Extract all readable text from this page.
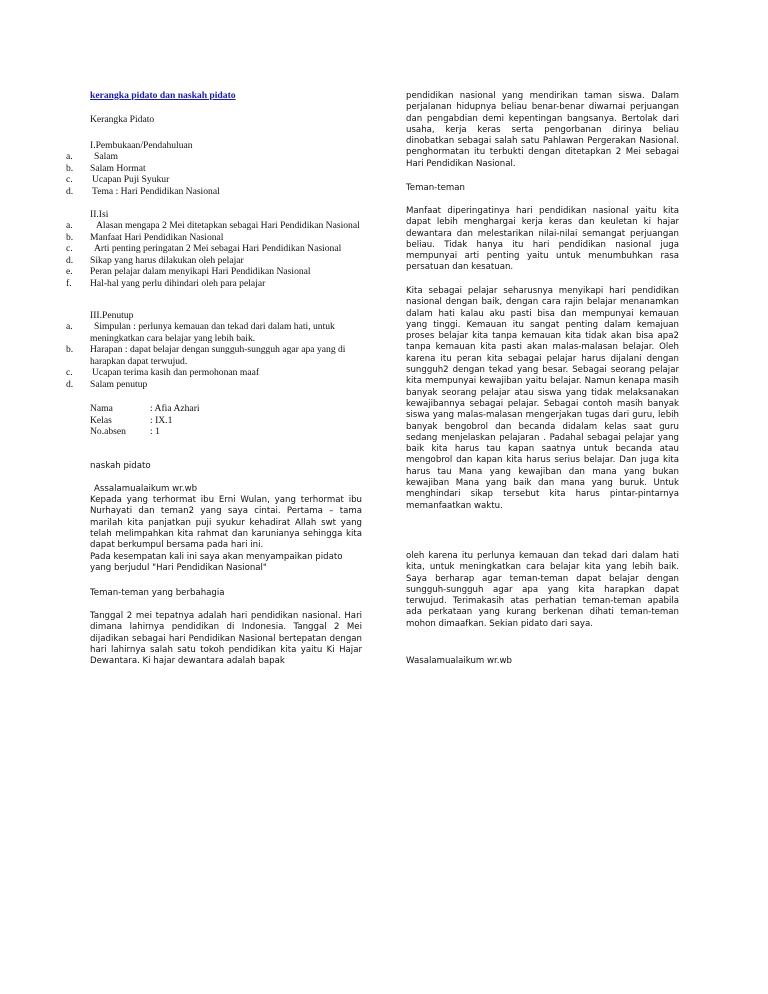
kerangka pidato dan naskah pidato
Kerangka Pidato
I.Pembukaan/Pendahuluan
a.	Salam
b.	Salam Hormat
c.	Ucapan Puji Syukur
d.	Tema : Hari Pendidikan Nasional
II.Isi
a.	Alasan mengapa 2 Mei ditetapkan sebagai Hari Pendidikan Nasional
b.	Manfaat Hari Pendidikan Nasional
c.	Arti penting peringatan 2 Mei sebagai Hari Pendidikan Nasional
d.	Sikap yang harus dilakukan oleh pelajar
e.	Peran pelajar dalam menyikapi Hari Pendidikan Nasional
f.	Hal-hal yang perlu dihindari oleh para pelajar
III.Penutup
a.	Simpulan : perlunya kemauan dan tekad dari dalam hati, untuk meningkatkan cara belajar yang lebih baik.
b.	Harapan : dapat belajar dengan sungguh-sungguh agar apa yang di harapkan dapat terwujud.
c.	Ucapan terima kasih dan permohonan maaf
d.	Salam penutup
Nama	: Afia Azhari
Kelas	: IX.1
No.absen	: 1
naskah pidato
Assalamualaikum wr.wb
Kepada yang terhormat ibu Erni Wulan, yang terhormat ibu Nurhayati dan teman2 yang saya cintai. Pertama – tama marilah kita panjatkan puji syukur kehadirat Allah swt yang telah melimpahkan kita rahmat dan karunianya sehingga kita dapat berkumpul bersama pada hari ini.
Pada kesempatan kali ini saya akan menyampaikan pidato yang berjudul "Hari Pendidikan Nasional"
Teman-teman yang berbahagia
Tanggal 2 mei tepatnya adalah hari pendidikan nasional. Hari dimana lahirnya pendidikan di Indonesia. Tanggal 2 Mei dijadikan sebagai hari Pendidikan Nasional bertepatan dengan hari lahirnya salah satu tokoh pendidikan kita yaitu Ki Hajar Dewantara. Ki hajar dewantara adalah bapak
pendidikan nasional yang mendirikan taman siswa. Dalam perjalanan hidupnya beliau benar-benar diwarnai perjuangan dan pengabdian demi kepentingan bangsanya. Bertolak dari usaha, kerja keras serta pengorbanan dirinya beliau dinobatkan sebagai salah satu Pahlawan Pergerakan Nasional. penghormatan itu terbukti dengan ditetapkan 2 Mei sebagai Hari Pendidikan Nasional.
Teman-teman
Manfaat diperingatinya hari pendidikan nasional yaitu kita dapat lebih menghargai kerja keras dan keuletan ki hajar dewantara dan melestarikan nilai-nilai semangat perjuangan beliau. Tidak hanya itu hari pendidikan nasional juga mempunyai arti penting yaitu untuk menumbuhkan rasa persatuan dan kesatuan.
Kita sebagai pelajar seharusnya menyikapi hari pendidikan nasional dengan baik, dengan cara rajin belajar menanamkan dalam hati kalau aku pasti bisa dan mempunyai kemauan yang tinggi. Kemauan itu sangat penting dalam kemajuan proses belajar kita tanpa kemauan kita tidak akan bisa apa2 tanpa kemauan kita pasti akan malas-malasan belajar. Oleh karena itu peran kita sebagai pelajar harus dijalani dengan sungguh2 dengan tekad yang besar. Sebagai seorang pelajar kita mempunyai kewajiban yaitu belajar. Namun kenapa masih banyak seorang pelajar atau siswa yang tidak melaksanakan kewajibannya sebagai pelajar. Sebagai contoh masih banyak siswa yang malas-malasan mengerjakan tugas dari guru, lebih banyak bengobrol dan becanda didalam kelas saat guru sedang menjelaskan pelajaran . Padahal sebagai pelajar yang baik kita harus tau kapan saatnya untuk becanda atau mengobrol dan kapan kita harus serius belajar. Dan juga kita harus tau Mana yang kewajiban dan mana yang bukan kewajiban Mana yang baik dan mana yang buruk. Untuk menghindari sikap tersebut kita harus pintar-pintarnya memanfaatkan waktu.
oleh karena itu perlunya kemauan dan tekad dari dalam hati kita, untuk meningkatkan cara belajar kita yang lebih baik. Saya berharap agar teman-teman dapat belajar dengan sungguh-sungguh agar apa yang kita harapkan dapat terwujud. Terimakasih atas perhatian teman-teman apabila ada perkataan yang kurang berkenan dihati teman-teman mohon dimaafkan. Sekian pidato dari saya.
Wasalamualaikum wr.wb
